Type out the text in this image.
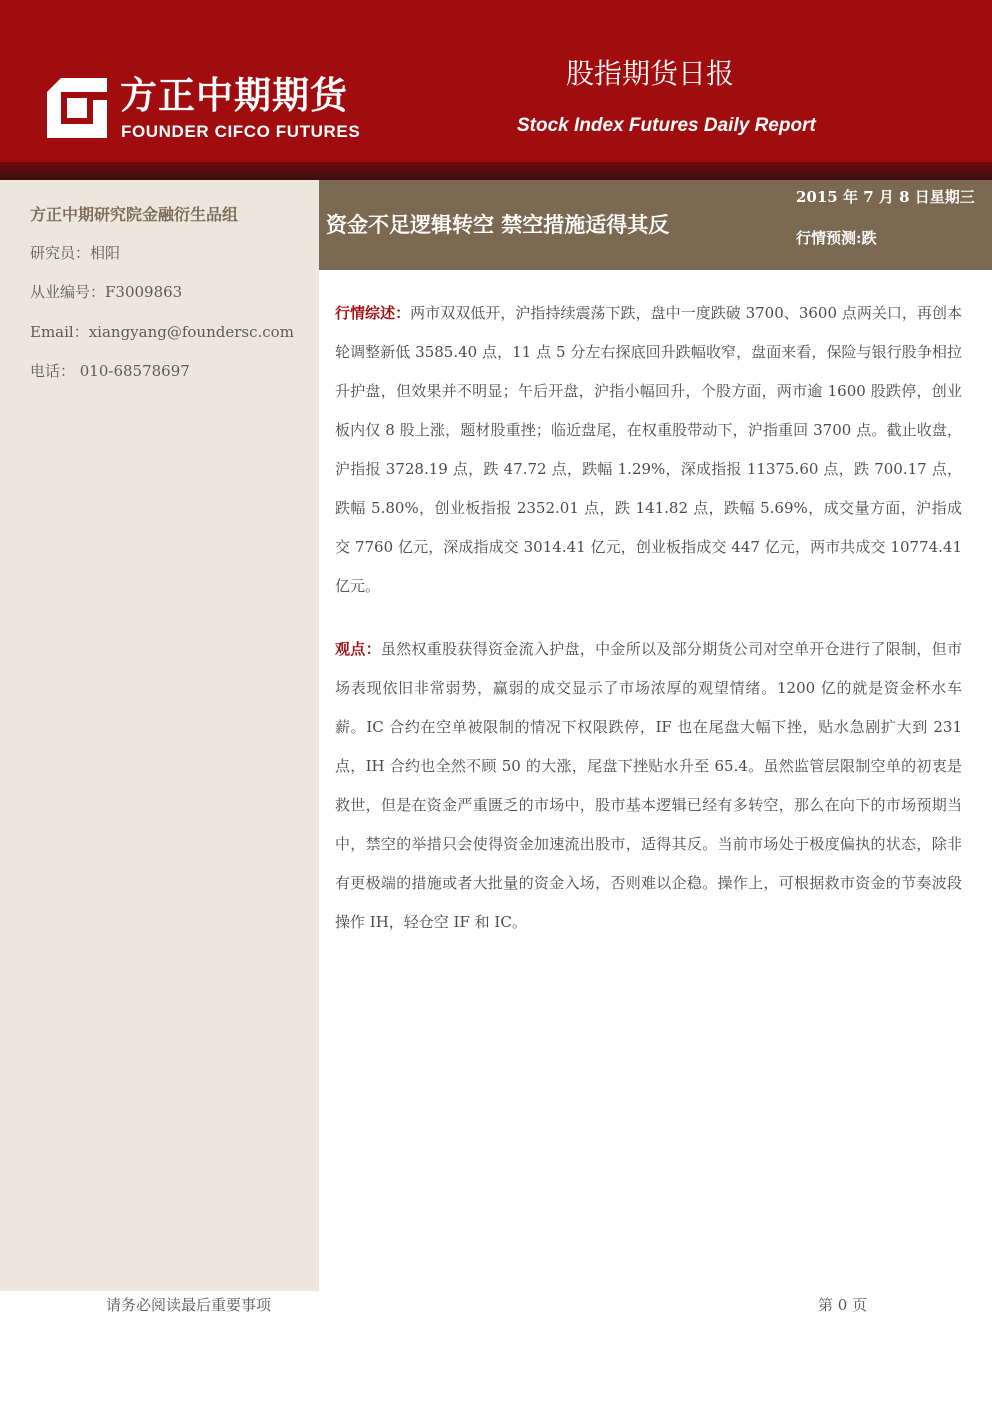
方正中期期货
FOUNDER CIFCO FUTURES
股指期货日报
Stock Index Futures Daily Report
方正中期研究院金融衍生品组
研究员：相阳
从业编号：F3009863
Email：xiangyang@foundersc.com
电话： 010-68578697
资金不足逻辑转空 禁空措施适得其反
2015 年 7 月 8 日星期三
行情预测:跌
行情综述：两市双双低开，沪指持续震荡下跌，盘中一度跌破 3700、3600 点两关口，再创本轮调整新低 3585.40 点，11 点 5 分左右探底回升跌幅收窄，盘面来看，保险与银行股争相拉升护盘，但效果并不明显；午后开盘，沪指小幅回升，个股方面，两市逾 1600 股跌停，创业板内仅 8 股上涨，题材股重挫；临近盘尾，在权重股带动下，沪指重回 3700 点。截止收盘，沪指报 3728.19 点，跌 47.72 点，跌幅 1.29%，深成指报 11375.60 点，跌 700.17 点，跌幅 5.80%，创业板指报 2352.01 点，跌 141.82 点，跌幅 5.69%，成交量方面，沪指成交 7760 亿元，深成指成交 3014.41 亿元，创业板指成交 447 亿元，两市共成交 10774.41 亿元。
观点：虽然权重股获得资金流入护盘，中金所以及部分期货公司对空单开仓进行了限制，但市场表现依旧非常弱势，赢弱的成交显示了市场浓厚的观望情绪。1200 亿的就是资金杯水车薪。IC 合约在空单被限制的情况下权限跌停，IF 也在尾盘大幅下挫，贴水急剧扩大到 231 点，IH 合约也全然不顾 50 的大涨，尾盘下挫贴水升至 65.4。虽然监管层限制空单的初衷是救世，但是在资金严重匮乏的市场中，股市基本逻辑已经有多转空，那么在向下的市场预期当中，禁空的举措只会使得资金加速流出股市，适得其反。当前市场处于极度偏执的状态，除非有更极端的措施或者大批量的资金入场，否则难以企稳。操作上，可根据救市资金的节奏波段操作 IH，轻仓空 IF 和 IC。
请务必阅读最后重要事项	第 0 页
